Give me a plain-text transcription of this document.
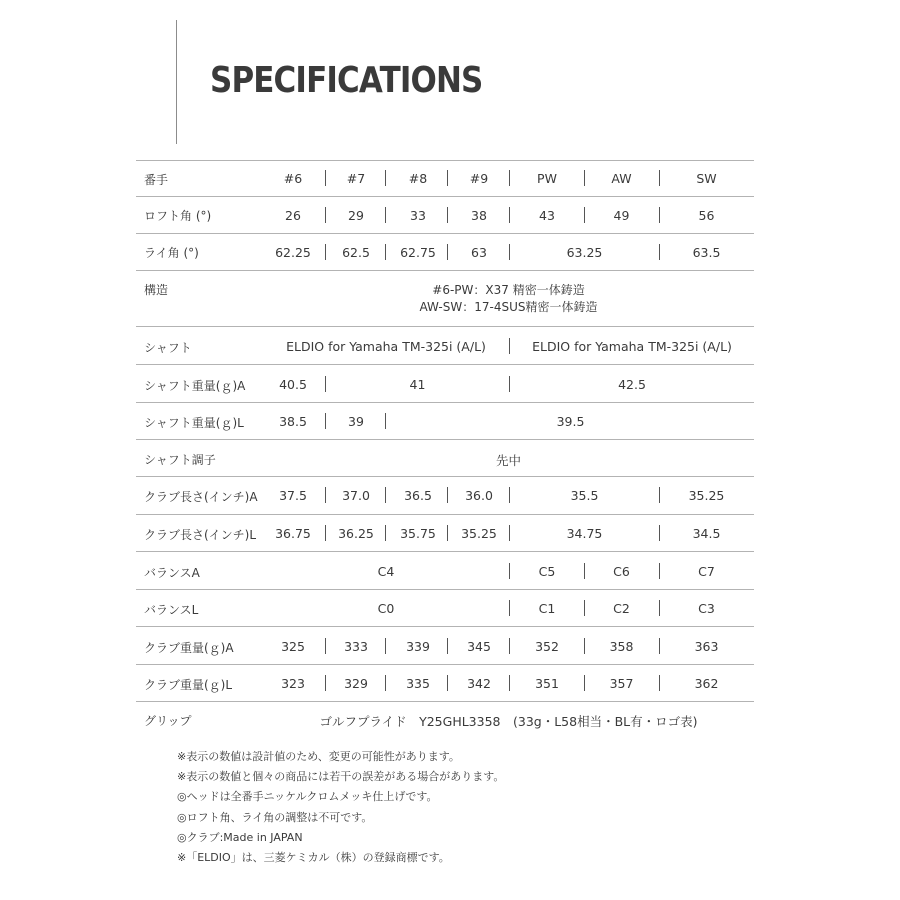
SPECIFICATIONS
番手	#6	#7	#8	#9	PW	AW	SW
ロフト角 (°)	26	29	33	38	43	49	56
ライ角 (°)	62.25	62.5	62.75	63	63.25	63.5
構造	#6-PW：X37 精密一体鋳造
AW-SW：17-4SUS精密一体鋳造
シャフト	ELDIO for Yamaha TM-325i (A/L)	ELDIO for Yamaha TM-325i (A/L)
シャフト重量(ｇ)A	40.5	41	42.5
シャフト重量(ｇ)L	38.5	39	39.5
シャフト調子	先中
クラブ長さ(インチ)A	37.5	37.0	36.5	36.0	35.5	35.25
クラブ長さ(インチ)L	36.75	36.25	35.75	35.25	34.75	34.5
バランスA	C4	C5	C6	C7
バランスL	C0	C1	C2	C3
クラブ重量(ｇ)A	325	333	339	345	352	358	363
クラブ重量(ｇ)L	323	329	335	342	351	357	362
グリップ	ゴルフプライド　Y25GHL3358　(33g・L58相当・BL有・ロゴ表)
※表示の数値は設計値のため、変更の可能性があります。
※表示の数値と個々の商品には若干の誤差がある場合があります。
◎ヘッドは全番手ニッケルクロムメッキ仕上げです。
◎ロフト角、ライ角の調整は不可です。
◎クラブ:Made in JAPAN
※「ELDIO」は、三菱ケミカル（株）の登録商標です。
